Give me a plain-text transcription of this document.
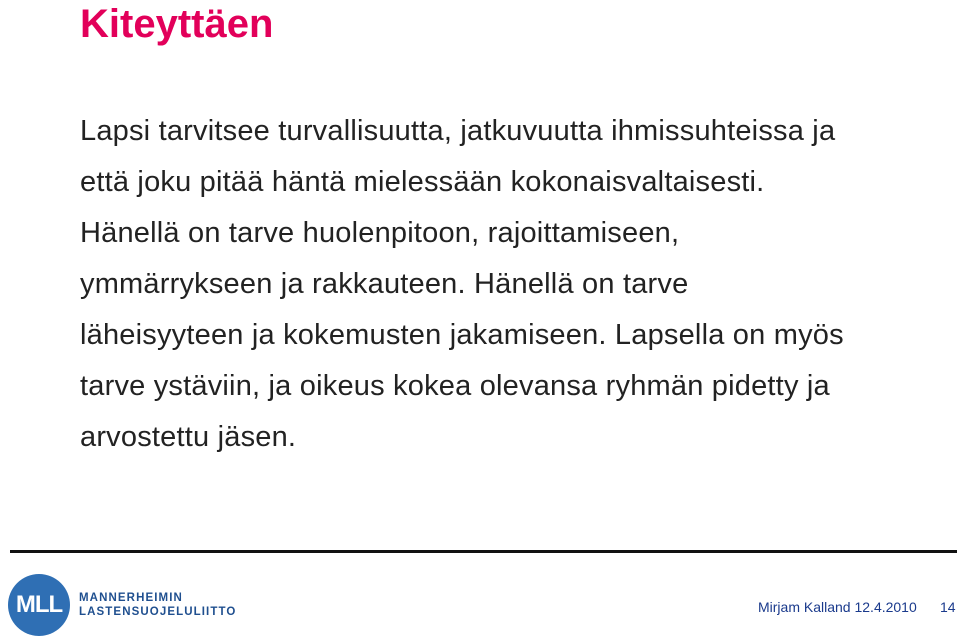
Kiteyttäen
Lapsi tarvitsee turvallisuutta, jatkuvuutta ihmissuhteissa ja
että joku pitää häntä mielessään kokonaisvaltaisesti.
Hänellä on tarve huolenpitoon, rajoittamiseen,
ymmärrykseen ja rakkauteen. Hänellä on tarve
läheisyyteen ja kokemusten jakamiseen. Lapsella on myös
tarve ystäviin, ja oikeus kokea olevansa ryhmän pidetty ja
arvostettu jäsen.
MLL	MANNERHEIMIN
LASTENSUOJELULIITTO	Mirjam Kalland 12.4.2010 14
